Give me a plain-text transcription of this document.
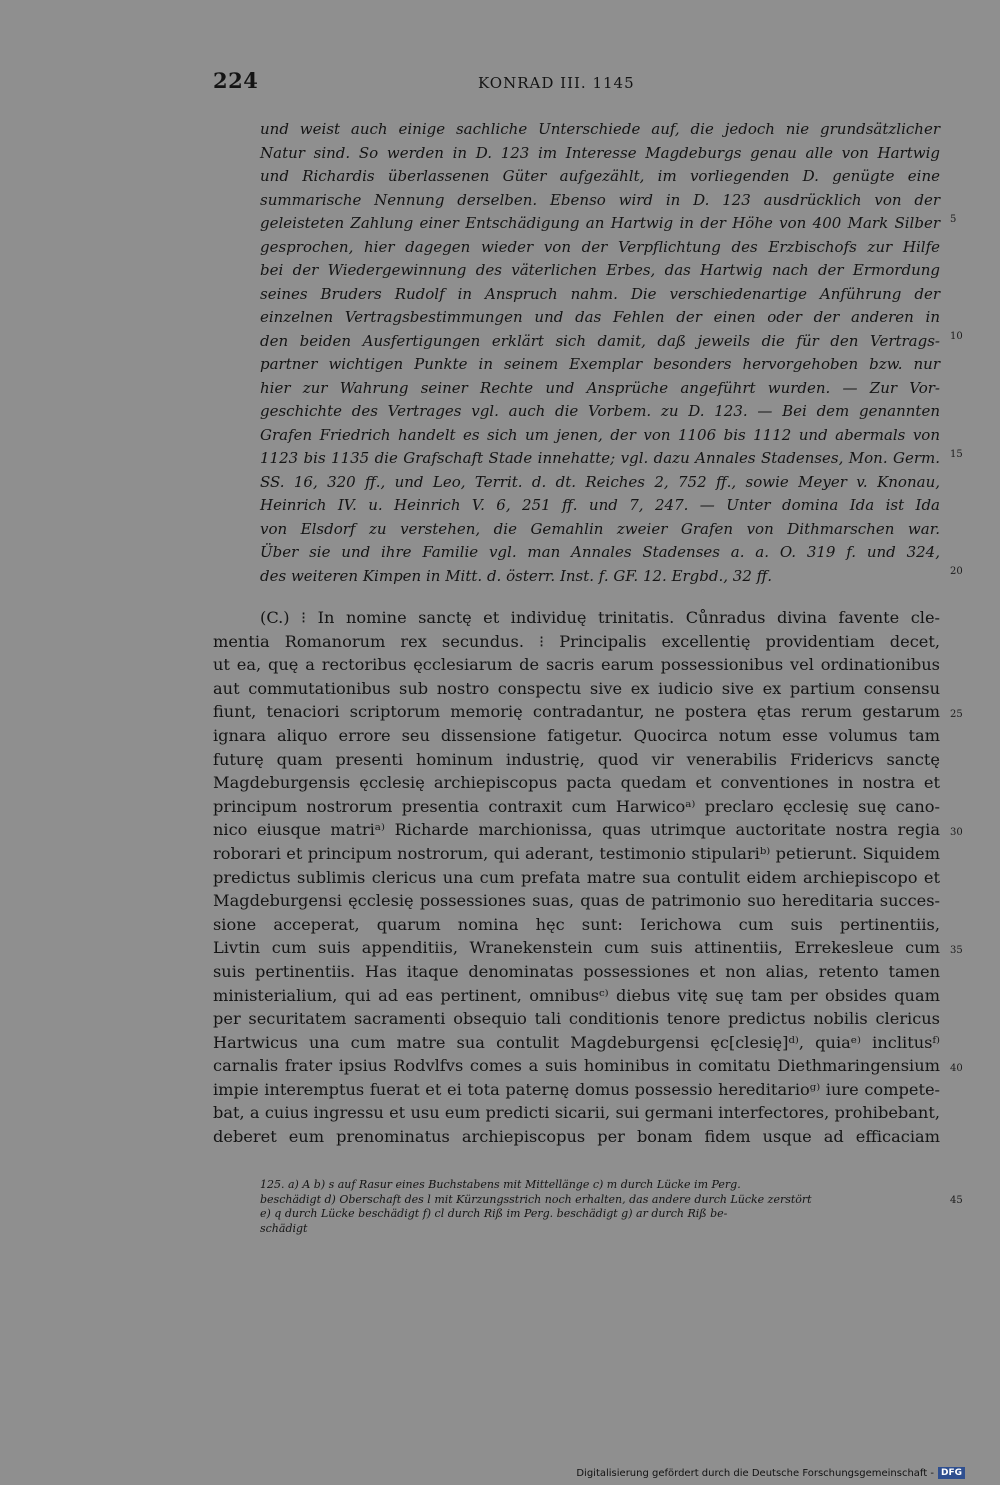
224	KONRAD III. 1145
und weist auch einige sachliche Unterschiede auf, die jedoch nie grundsätzlicher
Natur sind. So werden in D. 123 im Interesse Magdeburgs genau alle von Hartwig
und Richardis überlassenen Güter aufgezählt, im vorliegenden D. genügte eine
summarische Nennung derselben. Ebenso wird in D. 123 ausdrücklich von der
geleisteten Zahlung einer Entschädigung an Hartwig in der Höhe von 400 Mark Silber
gesprochen, hier dagegen wieder von der Verpflichtung des Erzbischofs zur Hilfe
bei der Wiedergewinnung des väterlichen Erbes, das Hartwig nach der Ermordung
seines Bruders Rudolf in Anspruch nahm. Die verschiedenartige Anführung der
einzelnen Vertragsbestimmungen und das Fehlen der einen oder der anderen in
den beiden Ausfertigungen erklärt sich damit, daß jeweils die für den Vertrags-
partner wichtigen Punkte in seinem Exemplar besonders hervorgehoben bzw. nur
hier zur Wahrung seiner Rechte und Ansprüche angeführt wurden. — Zur Vor-
geschichte des Vertrages vgl. auch die Vorbem. zu D. 123. — Bei dem genannten
Grafen Friedrich handelt es sich um jenen, der von 1106 bis 1112 und abermals von
1123 bis 1135 die Grafschaft Stade innehatte; vgl. dazu Annales Stadenses, Mon. Germ.
SS. 16, 320 ff., und Leo, Territ. d. dt. Reiches 2, 752 ff., sowie Meyer v. Knonau,
Heinrich IV. u. Heinrich V. 6, 251 ff. und 7, 247. — Unter domina Ida ist Ida
von Elsdorf zu verstehen, die Gemahlin zweier Grafen von Dithmarschen war.
Über sie und ihre Familie vgl. man Annales Stadenses a. a. O. 319 f. und 324,
des weiteren Kimpen in Mitt. d. österr. Inst. f. GF. 12. Ergbd., 32 ff.
(C.) ⁝ In nomine sanctę et individuę trinitatis. Cůnradus divina favente cle-
mentia Romanorum rex secundus. ⁝ Principalis excellentię providentiam decet,
ut ea, quę a rectoribus ęcclesiarum de sacris earum possessionibus vel ordinationibus
aut commutationibus sub nostro conspectu sive ex iudicio sive ex partium consensu
fiunt, tenaciori scriptorum memorię contradantur, ne postera ętas rerum gestarum
ignara aliquo errore seu dissensione fatigetur. Quocirca notum esse volumus tam
futurę quam presenti hominum industrię, quod vir venerabilis Fridericvs sanctę
Magdeburgensis ęcclesię archiepiscopus pacta quedam et conventiones in nostra et
principum nostrorum presentia contraxit cum Harwicoᵃ⁾ preclaro ęcclesię suę cano-
nico eiusque matriᵃ⁾ Richarde marchionissa, quas utrimque auctoritate nostra regia
roborari et principum nostrorum, qui aderant, testimonio stipulariᵇ⁾ petierunt. Siquidem
predictus sublimis clericus una cum prefata matre sua contulit eidem archiepiscopo et
Magdeburgensi ęcclesię possessiones suas, quas de patrimonio suo hereditaria succes-
sione acceperat, quarum nomina hęc sunt: Ierichowa cum suis pertinentiis,
Livtin cum suis appenditiis, Wranekenstein cum suis attinentiis, Errekesleue cum
suis pertinentiis. Has itaque denominatas possessiones et non alias, retento tamen
ministerialium, qui ad eas pertinent, omnibusᶜ⁾ diebus vitę suę tam per obsides quam
per securitatem sacramenti obsequio tali conditionis tenore predictus nobilis clericus
Hartwicus una cum matre sua contulit Magdeburgensi ęc[clesię]ᵈ⁾, quiaᵉ⁾ inclitusᶠ⁾
carnalis frater ipsius Rodvlfvs comes a suis hominibus in comitatu Diethmaringensium
impie interemptus fuerat et ei tota paternę domus possessio hereditarioᵍ⁾ iure compete-
bat, a cuius ingressu et usu eum predicti sicarii, sui germani interfectores, prohibebant,
deberet eum prenominatus archiepiscopus per bonam fidem usque ad efficaciam
125. a) A b) s auf Rasur eines Buchstabens mit Mittellänge c) m durch Lücke im Perg.
beschädigt d) Oberschaft des l mit Kürzungsstrich noch erhalten, das andere durch Lücke zerstört
e) q durch Lücke beschädigt f) cl durch Riß im Perg. beschädigt g) ar durch Riß be-
schädigt
5
10
15
20
25
30
35
40
45
Digitalisierung gefördert durch die Deutsche Forschungsgemeinschaft - DFG
